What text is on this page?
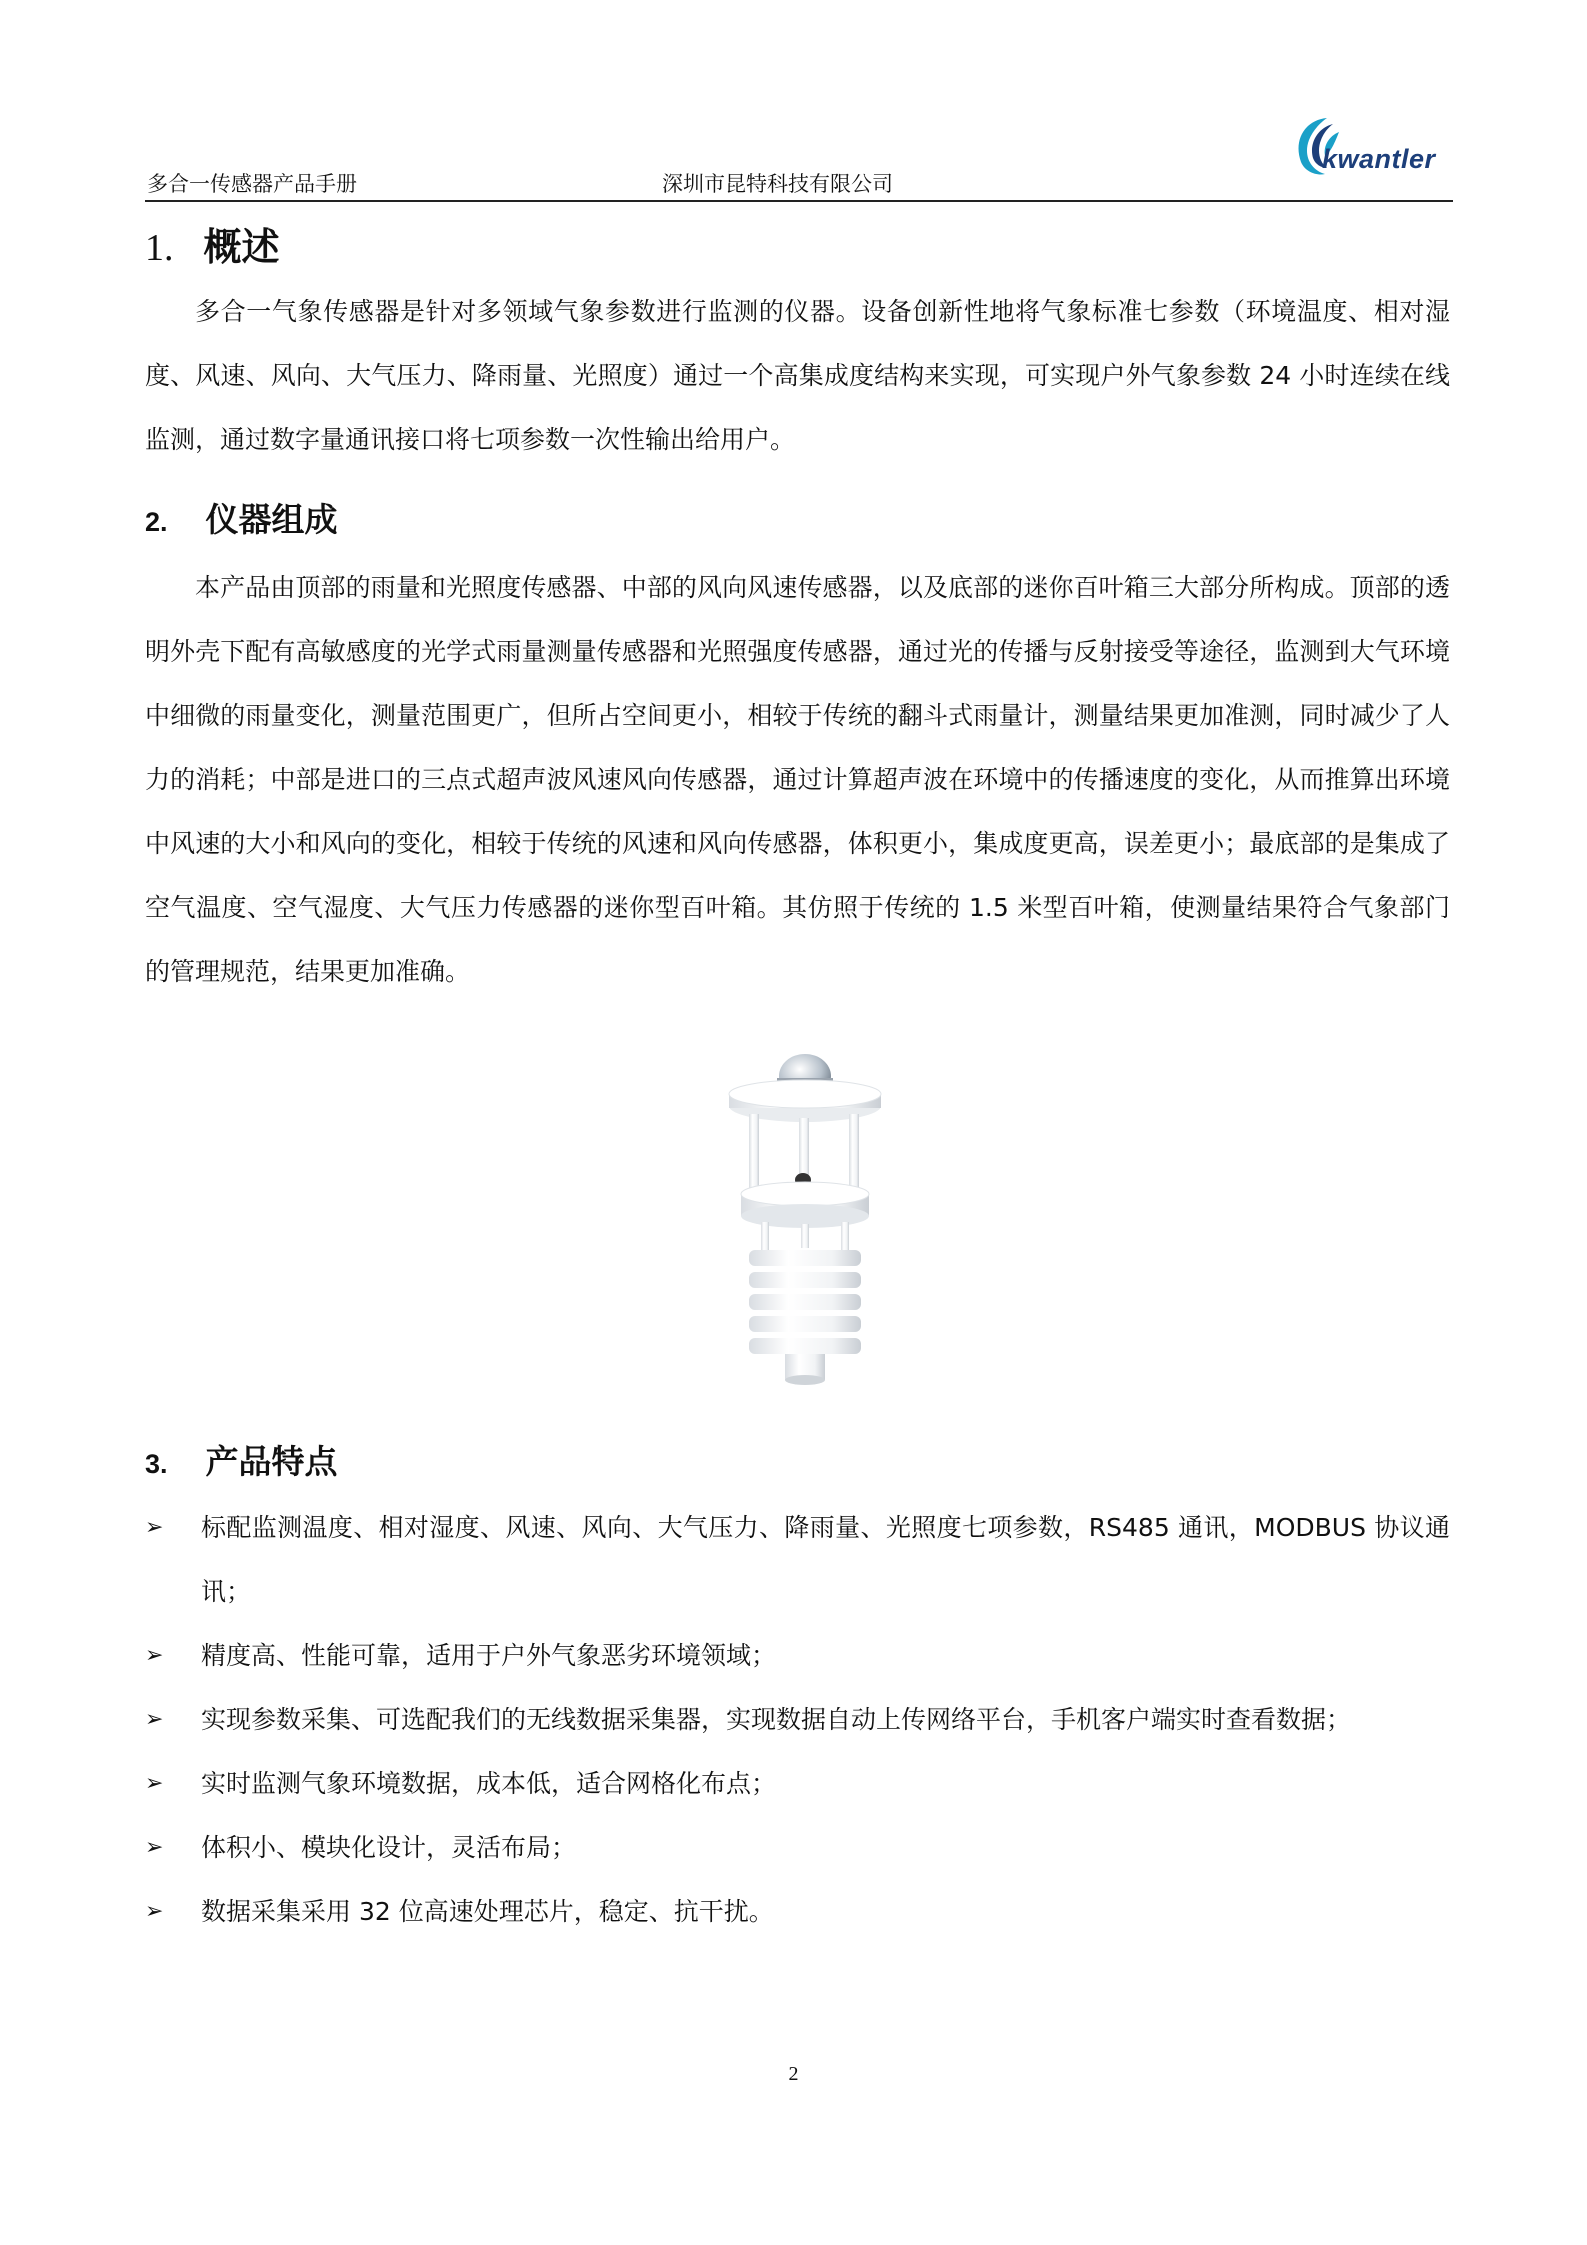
多合一传感器产品手册	深圳市昆特科技有限公司
kwantler
1. 概述
多合一气象传感器是针对多领域气象参数进行监测的仪器。设备创新性地将气象标准七参数（环境温度、相对湿度、风速、风向、大气压力、降雨量、光照度）通过一个高集成度结构来实现，可实现户外气象参数 24 小时连续在线监测，通过数字量通讯接口将七项参数一次性输出给用户。
2. 仪器组成
本产品由顶部的雨量和光照度传感器、中部的风向风速传感器，以及底部的迷你百叶箱三大部分所构成。顶部的透明外壳下配有高敏感度的光学式雨量测量传感器和光照强度传感器，通过光的传播与反射接受等途径，监测到大气环境中细微的雨量变化，测量范围更广，但所占空间更小，相较于传统的翻斗式雨量计，测量结果更加准测，同时减少了人力的消耗；中部是进口的三点式超声波风速风向传感器，通过计算超声波在环境中的传播速度的变化，从而推算出环境中风速的大小和风向的变化，相较于传统的风速和风向传感器，体积更小，集成度更高，误差更小；最底部的是集成了空气温度、空气湿度、大气压力传感器的迷你型百叶箱。其仿照于传统的 1.5 米型百叶箱，使测量结果符合气象部门的管理规范，结果更加准确。
3. 产品特点
➢ 标配监测温度、相对湿度、风速、风向、大气压力、降雨量、光照度七项参数，RS485 通讯，MODBUS 协议通讯；
➢ 精度高、性能可靠，适用于户外气象恶劣环境领域；
➢ 实现参数采集、可选配我们的无线数据采集器，实现数据自动上传网络平台，手机客户端实时查看数据；
➢ 实时监测气象环境数据，成本低，适合网格化布点；
➢ 体积小、模块化设计，灵活布局；
➢ 数据采集采用 32 位高速处理芯片，稳定、抗干扰。
2
